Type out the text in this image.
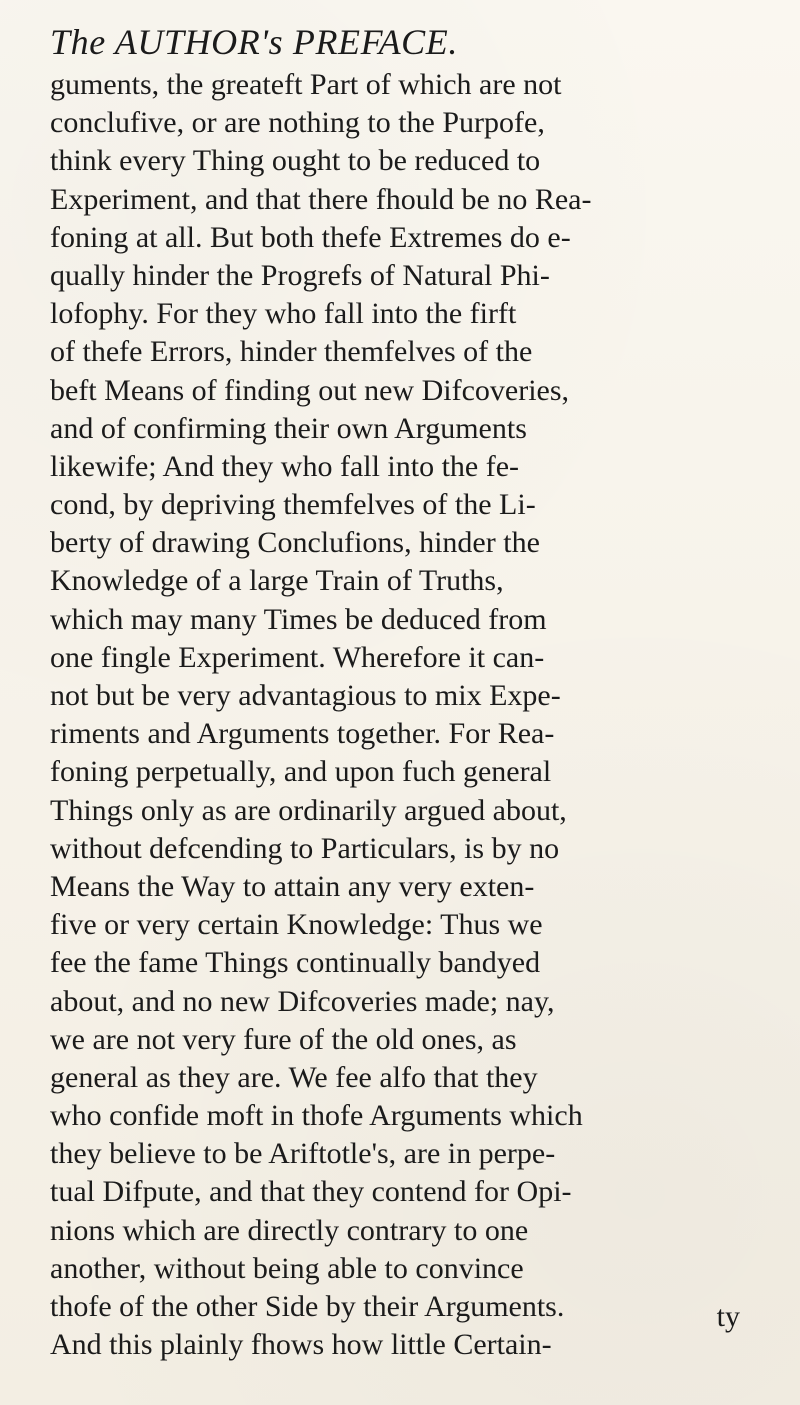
The AUTHOR's PREFACE.
guments, the greateft Part of which are not
conclufive, or are nothing to the Purpofe,
think every Thing ought to be reduced to
Experiment, and that there fhould be no Rea-
foning at all. But both thefe Extremes do e-
qually hinder the Progrefs of Natural Phi-
lofophy. For they who fall into the firft
of thefe Errors, hinder themfelves of the
beft Means of finding out new Difcoveries,
and of confirming their own Arguments
likewife; And they who fall into the fe-
cond, by depriving themfelves of the Li-
berty of drawing Conclufions, hinder the
Knowledge of a large Train of Truths,
which may many Times be deduced from
one fingle Experiment. Wherefore it can-
not but be very advantagious to mix Expe-
riments and Arguments together. For Rea-
foning perpetually, and upon fuch general
Things only as are ordinarily argued about,
without defcending to Particulars, is by no
Means the Way to attain any very exten-
five or very certain Knowledge: Thus we
fee the fame Things continually bandyed
about, and no new Difcoveries made; nay,
we are not very fure of the old ones, as
general as they are. We fee alfo that they
who confide moft in thofe Arguments which
they believe to be Ariftotle's, are in perpe-
tual Difpute, and that they contend for Opi-
nions which are directly contrary to one
another, without being able to convince
thofe of the other Side by their Arguments.
And this plainly fhows how little Certain-
ty
